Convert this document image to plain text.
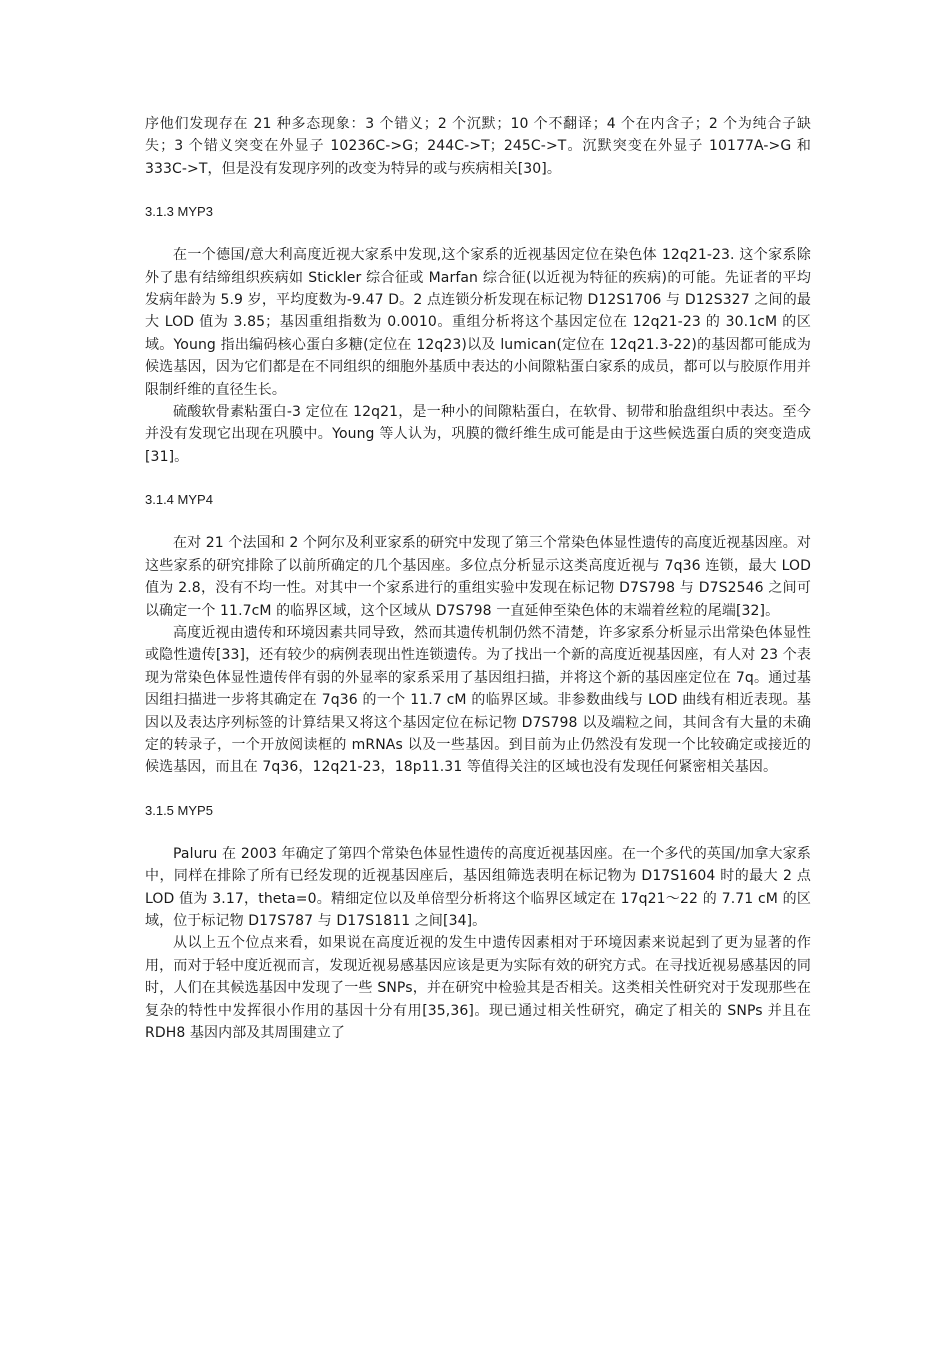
序他们发现存在 21 种多态现象：3 个错义；2 个沉默；10 个不翻译；4 个在内含子；2 个为纯合子缺失；3 个错义突变在外显子 10236C->G；244C->T；245C->T。沉默突变在外显子 10177A->G 和 333C->T，但是没有发现序列的改变为特异的或与疾病相关[30]。

3.1.3 MYP3

在一个德国/意大利高度近视大家系中发现,这个家系的近视基因定位在染色体 12q21-23. 这个家系除外了患有结缔组织疾病如 Stickler 综合征或 Marfan 综合征(以近视为特征的疾病)的可能。先证者的平均发病年龄为 5.9 岁，平均度数为-9.47 D。2 点连锁分析发现在标记物 D12S1706 与 D12S327 之间的最大 LOD 值为 3.85；基因重组指数为 0.0010。重组分析将这个基因定位在 12q21-23 的 30.1cM 的区域。Young 指出编码核心蛋白多糖(定位在 12q23)以及 lumican(定位在 12q21.3-22)的基因都可能成为候选基因，因为它们都是在不同组织的细胞外基质中表达的小间隙粘蛋白家系的成员，都可以与胶原作用并限制纤维的直径生长。

硫酸软骨素粘蛋白-3 定位在 12q21，是一种小的间隙粘蛋白，在软骨、韧带和胎盘组织中表达。至今并没有发现它出现在巩膜中。Young 等人认为，巩膜的微纤维生成可能是由于这些候选蛋白质的突变造成[31]。

3.1.4 MYP4

在对 21 个法国和 2 个阿尔及利亚家系的研究中发现了第三个常染色体显性遗传的高度近视基因座。对这些家系的研究排除了以前所确定的几个基因座。多位点分析显示这类高度近视与 7q36 连锁，最大 LOD 值为 2.8，没有不均一性。对其中一个家系进行的重组实验中发现在标记物 D7S798 与 D7S2546 之间可以确定一个 11.7cM 的临界区域，这个区域从 D7S798 一直延伸至染色体的末端着丝粒的尾端[32]。

高度近视由遗传和环境因素共同导致，然而其遗传机制仍然不清楚，许多家系分析显示出常染色体显性或隐性遗传[33]，还有较少的病例表现出性连锁遗传。为了找出一个新的高度近视基因座，有人对 23 个表现为常染色体显性遗传伴有弱的外显率的家系采用了基因组扫描，并将这个新的基因座定位在 7q。通过基因组扫描进一步将其确定在 7q36 的一个 11.7 cM 的临界区域。非参数曲线与 LOD 曲线有相近表现。基因以及表达序列标签的计算结果又将这个基因定位在标记物 D7S798 以及端粒之间，其间含有大量的未确定的转录子，一个开放阅读框的 mRNAs 以及一些基因。到目前为止仍然没有发现一个比较确定或接近的候选基因，而且在 7q36，12q21-23，18p11.31 等值得关注的区域也没有发现任何紧密相关基因。

3.1.5 MYP5

Paluru 在 2003 年确定了第四个常染色体显性遗传的高度近视基因座。在一个多代的英国/加拿大家系中，同样在排除了所有已经发现的近视基因座后，基因组筛选表明在标记物为 D17S1604 时的最大 2 点 LOD 值为 3.17，theta=0。精细定位以及单倍型分析将这个临界区域定在 17q21～22 的 7.71 cM 的区域，位于标记物 D17S787 与 D17S1811 之间[34]。

从以上五个位点来看，如果说在高度近视的发生中遗传因素相对于环境因素来说起到了更为显著的作用，而对于轻中度近视而言，发现近视易感基因应该是更为实际有效的研究方式。在寻找近视易感基因的同时，人们在其候选基因中发现了一些 SNPs，并在研究中检验其是否相关。这类相关性研究对于发现那些在复杂的特性中发挥很小作用的基因十分有用[35,36]。现已通过相关性研究，确定了相关的 SNPs 并且在 RDH8 基因内部及其周围建立了
